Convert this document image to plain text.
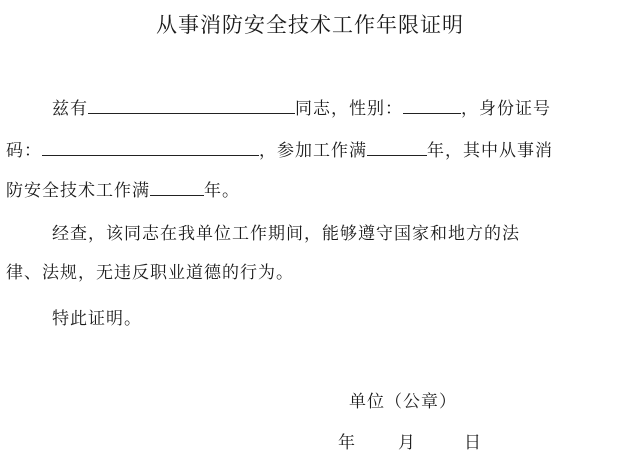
从事消防安全技术工作年限证明
兹有	同志，性别：	，身份证号
码：	，参加工作满	年，其中从事消
防安全技术工作满	年。
经查，该同志在我单位工作期间，能够遵守国家和地方的法
律、法规，无违反职业道德的行为。
特此证明。
单位（公章）
年 月	日
